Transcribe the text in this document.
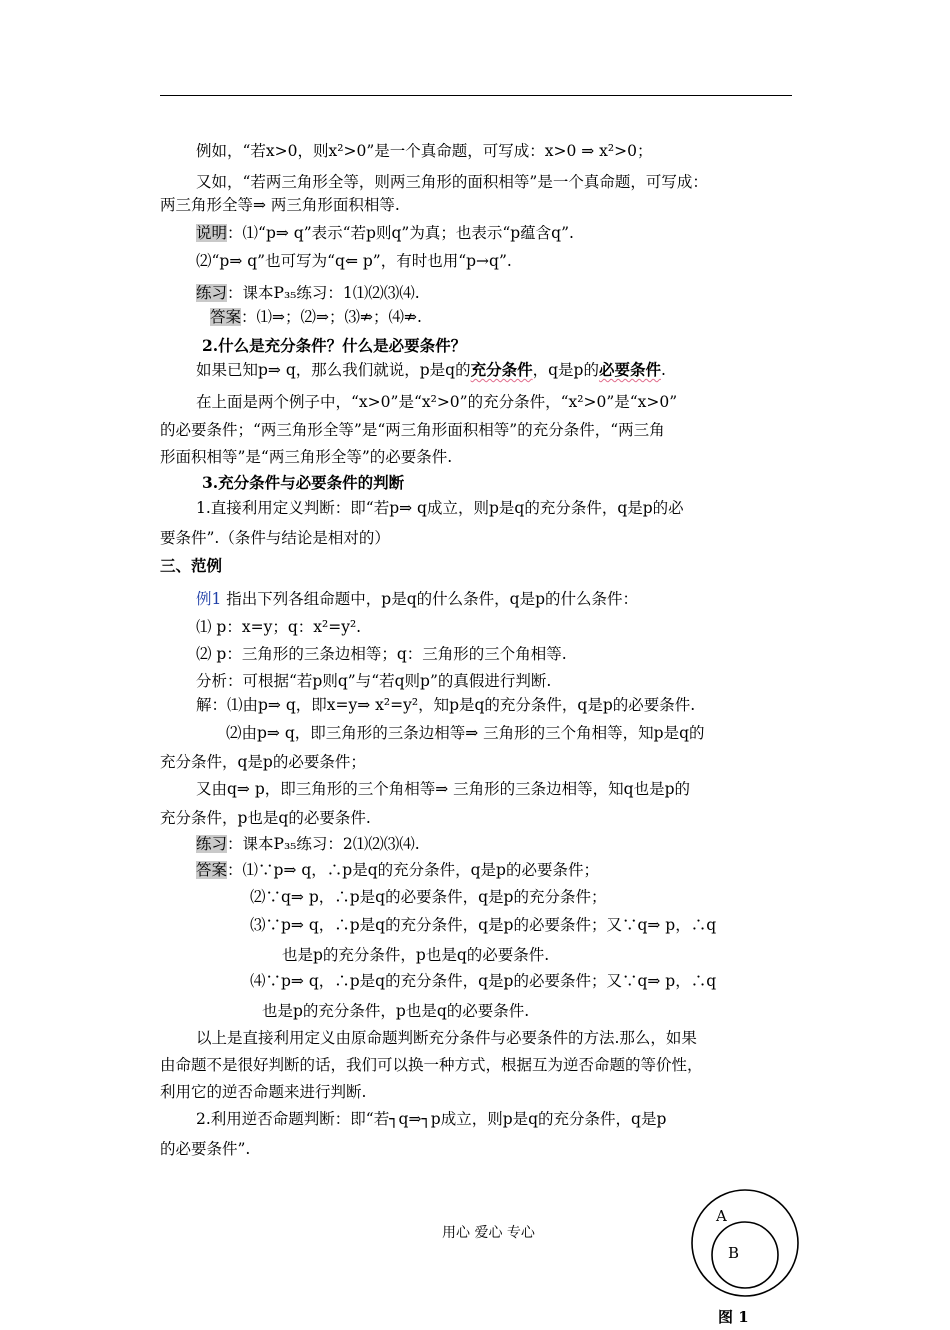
例如，“若x>0，则x²>0”是一个真命题，可写成：x>0 ⇒ x²>0；
又如，“若两三角形全等，则两三角形的面积相等”是一个真命题，可写成：
两三角形全等⇒ 两三角形面积相等.
说明：⑴“p⇒ q”表示“若p则q”为真；也表示“p蕴含q”.
⑵“p⇒ q”也可写为“q⇐ p”，有时也用“p→q”.
练习：课本P₃₅练习：1⑴⑵⑶⑷.
答案：⑴⇒；⑵⇒；⑶⇏；⑷⇏.
2.什么是充分条件？什么是必要条件？
如果已知p⇒ q，那么我们就说，p是q的充分条件，q是p的必要条件.
在上面是两个例子中，“x>0”是“x²>0”的充分条件，“x²>0”是“x>0”
的必要条件；“两三角形全等”是“两三角形面积相等”的充分条件，“两三角
形面积相等”是“两三角形全等”的必要条件.
3.充分条件与必要条件的判断
1.直接利用定义判断：即“若p⇒ q成立，则p是q的充分条件，q是p的必
要条件”.（条件与结论是相对的）
三、范例
例1 指出下列各组命题中，p是q的什么条件，q是p的什么条件：
⑴ p：x=y；q：x²=y².
⑵ p：三角形的三条边相等；q：三角形的三个角相等.
分析：可根据“若p则q”与“若q则p”的真假进行判断.
解：⑴由p⇒ q，即x=y⇒ x²=y²，知p是q的充分条件，q是p的必要条件.
⑵由p⇒ q，即三角形的三条边相等⇒ 三角形的三个角相等，知p是q的
充分条件，q是p的必要条件；
又由q⇒ p，即三角形的三个角相等⇒ 三角形的三条边相等，知q也是p的
充分条件，p也是q的必要条件.
练习：课本P₃₅练习：2⑴⑵⑶⑷.
答案：⑴∵p⇒ q，∴p是q的充分条件，q是p的必要条件；
⑵∵q⇒ p，∴p是q的必要条件，q是p的充分条件；
⑶∵p⇒ q，∴p是q的充分条件，q是p的必要条件；又∵q⇒ p，∴q
也是p的充分条件，p也是q的必要条件.
⑷∵p⇒ q，∴p是q的充分条件，q是p的必要条件；又∵q⇒ p，∴q
也是p的充分条件，p也是q的必要条件.
以上是直接利用定义由原命题判断充分条件与必要条件的方法.那么，如果
由命题不是很好判断的话，我们可以换一种方式，根据互为逆否命题的等价性，
利用它的逆否命题来进行判断.
2.利用逆否命题判断：即“若┐q⇒┐p成立，则p是q的充分条件，q是p
的必要条件”.
用心 爱心 专心
A
B
图 1
